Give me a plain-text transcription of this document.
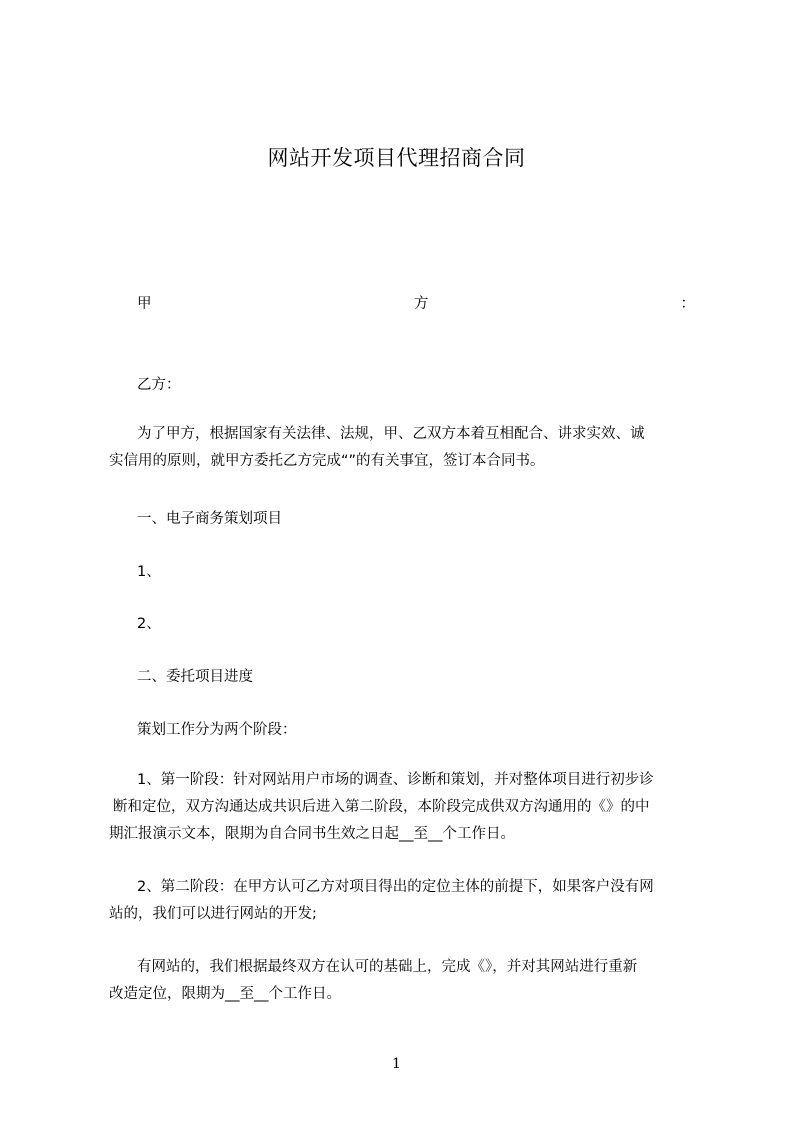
网站开发项目代理招商合同
甲	方	：

乙方：

为了甲方，根据国家有关法律、法规，甲、乙双方本着互相配合、讲求实效、诚
实信用的原则，就甲方委托乙方完成“”的有关事宜，签订本合同书。

一、电子商务策划项目

1、

2、

二、委托项目进度

策划工作分为两个阶段：

1、第一阶段：针对网站用户市场的调查、诊断和策划，并对整体项目进行初步诊
断和定位，双方沟通达成共识后进入第二阶段，本阶段完成供双方沟通用的《》的中
期汇报演示文本，限期为自合同书生效之日起__至__个工作日。
2、第二阶段：在甲方认可乙方对项目得出的定位主体的前提下，如果客户没有网
站的，我们可以进行网站的开发;
有网站的，我们根据最终双方在认可的基础上，完成《》，并对其网站进行重新
改造定位，限期为__至__个工作日。
1
